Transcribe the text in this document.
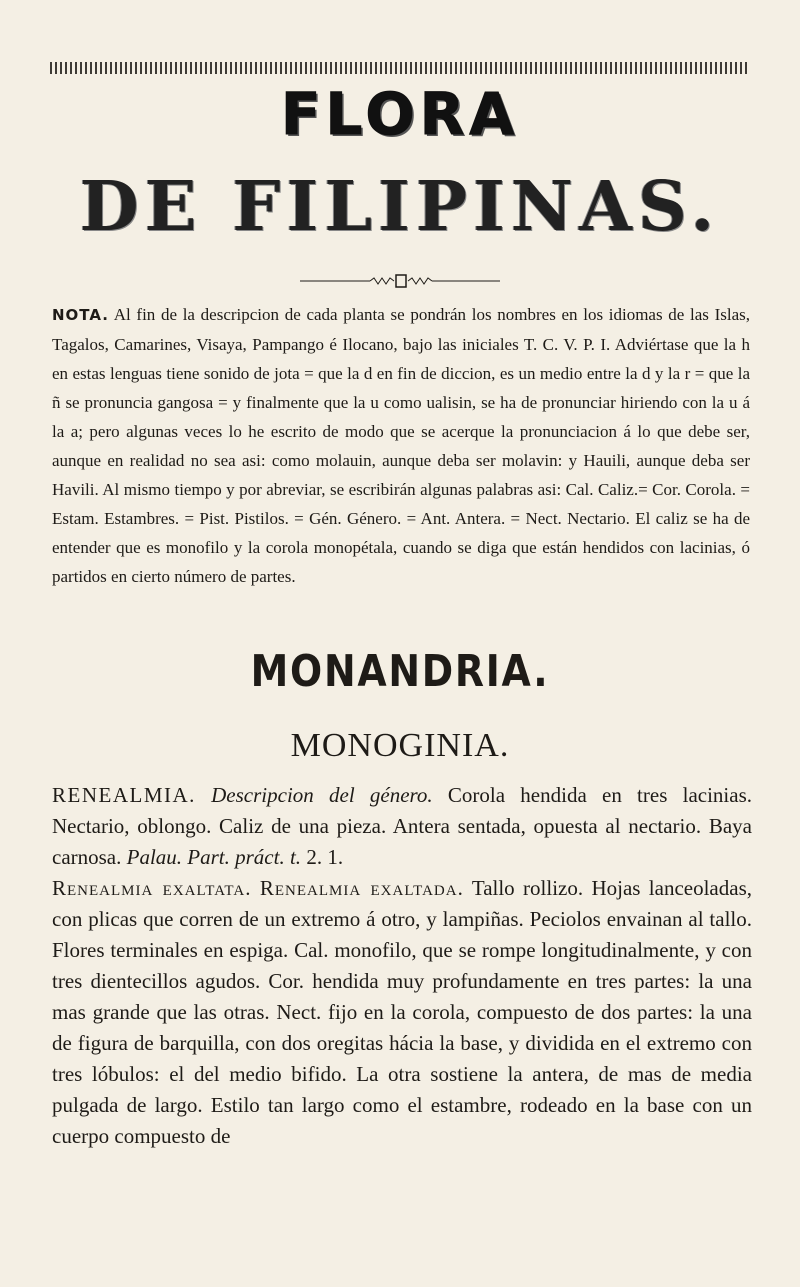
FLORA
DE FILIPINAS.
NOTA. Al fin de la descripcion de cada planta se pondrán los nombres en los idiomas de las Islas, Tagalos, Camarines, Visaya, Pampango é Ilocano, bajo las iniciales T. C. V. P. I. Adviértase que la h en estas lenguas tiene sonido de jota = que la d en fin de diccion, es un medio entre la d y la r = que la ñ se pronuncia gangosa = y finalmente que la u como ualisin, se ha de pronunciar hiriendo con la u á la a; pero algunas veces lo he escrito de modo que se acerque la pronunciacion á lo que debe ser, aunque en realidad no sea asi: como molauin, aunque deba ser molavin: y Hauili, aunque deba ser Havili. Al mismo tiempo y por abreviar, se escribirán algunas palabras asi: Cal. Caliz.= Cor. Corola. = Estam. Estambres. = Pist. Pistilos. = Gén. Género. = Ant. Antera. = Nect. Nectario. El caliz se ha de entender que es monofilo y la corola monopétala, cuando se diga que están hendidos con lacinias, ó partidos en cierto número de partes.
MONANDRIA.
MONOGINIA.

RENEALMIA. Descripcion del género. Corola hendida en tres lacinias. Nectario, oblongo. Caliz de una pieza. Antera sentada, opuesta al nectario. Baya carnosa. Palau. Part. práct. t. 2. 1.

Renealmia exaltata. Renealmia exaltada. Tallo rollizo. Hojas lanceoladas, con plicas que corren de un extremo á otro, y lampiñas. Peciolos envainan al tallo. Flores terminales en espiga. Cal. monofilo, que se rompe longitudinalmente, y con tres dientecillos agudos. Cor. hendida muy profundamente en tres partes: la una mas grande que las otras. Nect. fijo en la corola, compuesto de dos partes: la una de figura de barquilla, con dos oregitas hácia la base, y dividida en el extremo con tres lóbulos: el del medio bifido. La otra sostiene la antera, de mas de media pulgada de largo. Estilo tan largo como el estambre, rodeado en la base con un cuerpo compuesto de
